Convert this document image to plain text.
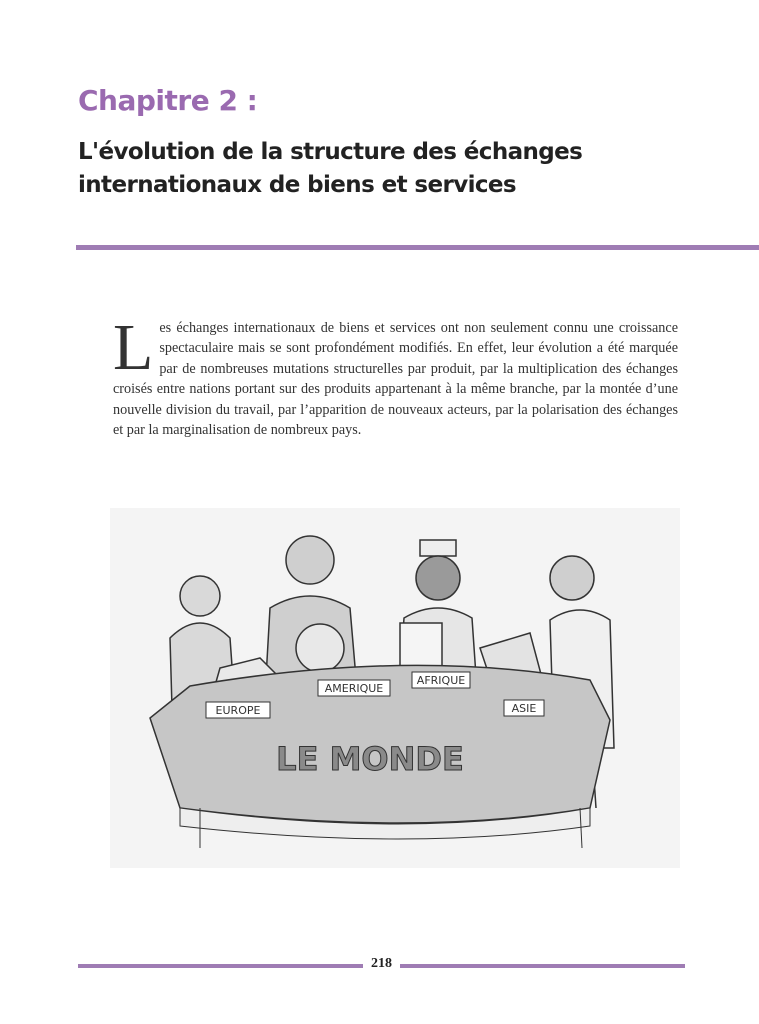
Chapitre 2 :
L'évolution de la structure des échanges internationaux de biens et services

Les échanges internationaux de biens et services ont non seulement connu une croissance spectaculaire mais se sont profondément modifiés. En effet, leur évolution a été marquée par de nombreuses mutations structurelles par produit, par la multiplication des échanges croisés entre nations portant sur des produits appartenant à la même branche, par la montée d’une nouvelle division du travail, par l’apparition de nouveaux acteurs, par la polarisation des échanges et par la marginalisation de nombreux pays.

EUROPE
AMERIQUE
AFRIQUE
ASIE
LE MONDE
218
